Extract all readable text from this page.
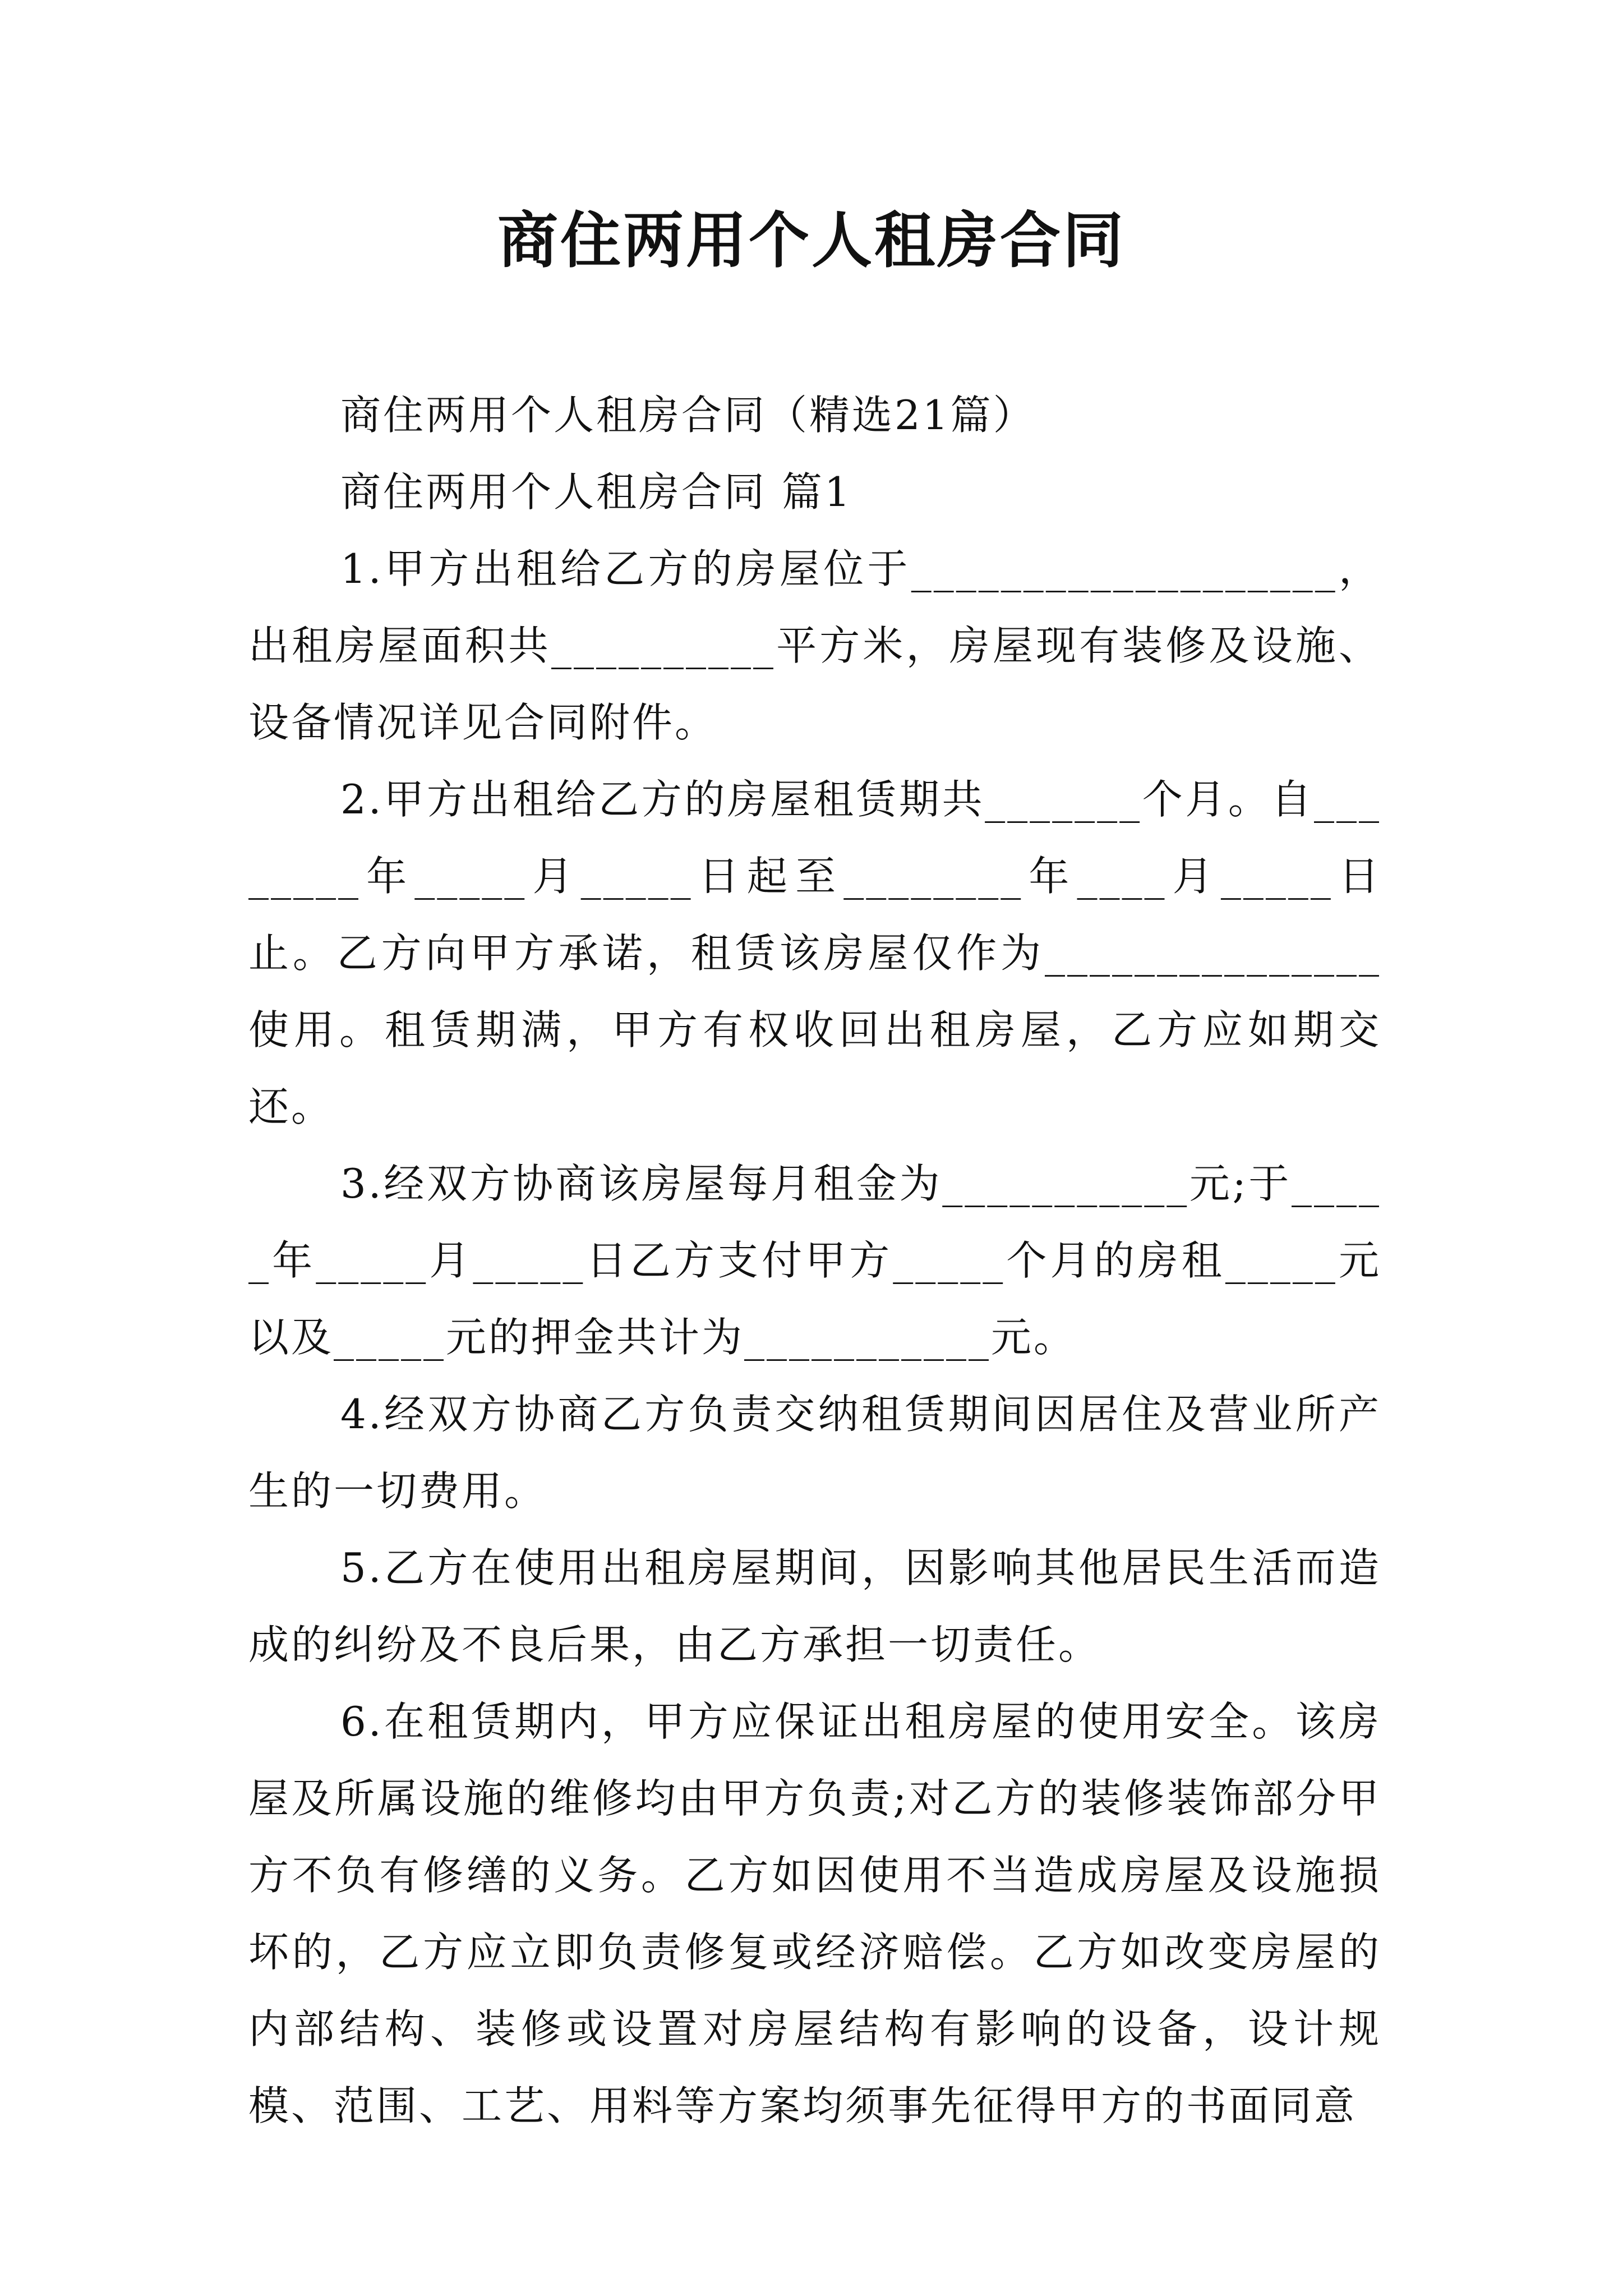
商住两用个人租房合同

商住两用个人租房合同（精选21篇）

商住两用个人租房合同 篇1

1.甲方出租给乙方的房屋位于___________________，出租房屋面积共__________平方米，房屋现有装修及设施、设备情况详见合同附件。

2.甲方出租给乙方的房屋租赁期共_______个月。自________年_____月_____日起至________年____月_____日止。乙方向甲方承诺，租赁该房屋仅作为_______________使用。租赁期满，甲方有权收回出租房屋，乙方应如期交还。

3.经双方协商该房屋每月租金为___________元;于_____年_____月_____日乙方支付甲方_____个月的房租_____元以及_____元的押金共计为___________元。

4.经双方协商乙方负责交纳租赁期间因居住及营业所产生的一切费用。

5.乙方在使用出租房屋期间，因影响其他居民生活而造成的纠纷及不良后果，由乙方承担一切责任。

6.在租赁期内，甲方应保证出租房屋的使用安全。该房屋及所属设施的维修均由甲方负责;对乙方的装修装饰部分甲方不负有修缮的义务。乙方如因使用不当造成房屋及设施损坏的，乙方应立即负责修复或经济赔偿。乙方如改变房屋的内部结构、装修或设置对房屋结构有影响的设备，设计规模、范围、工艺、用料等方案均须事先征得甲方的书面同意
